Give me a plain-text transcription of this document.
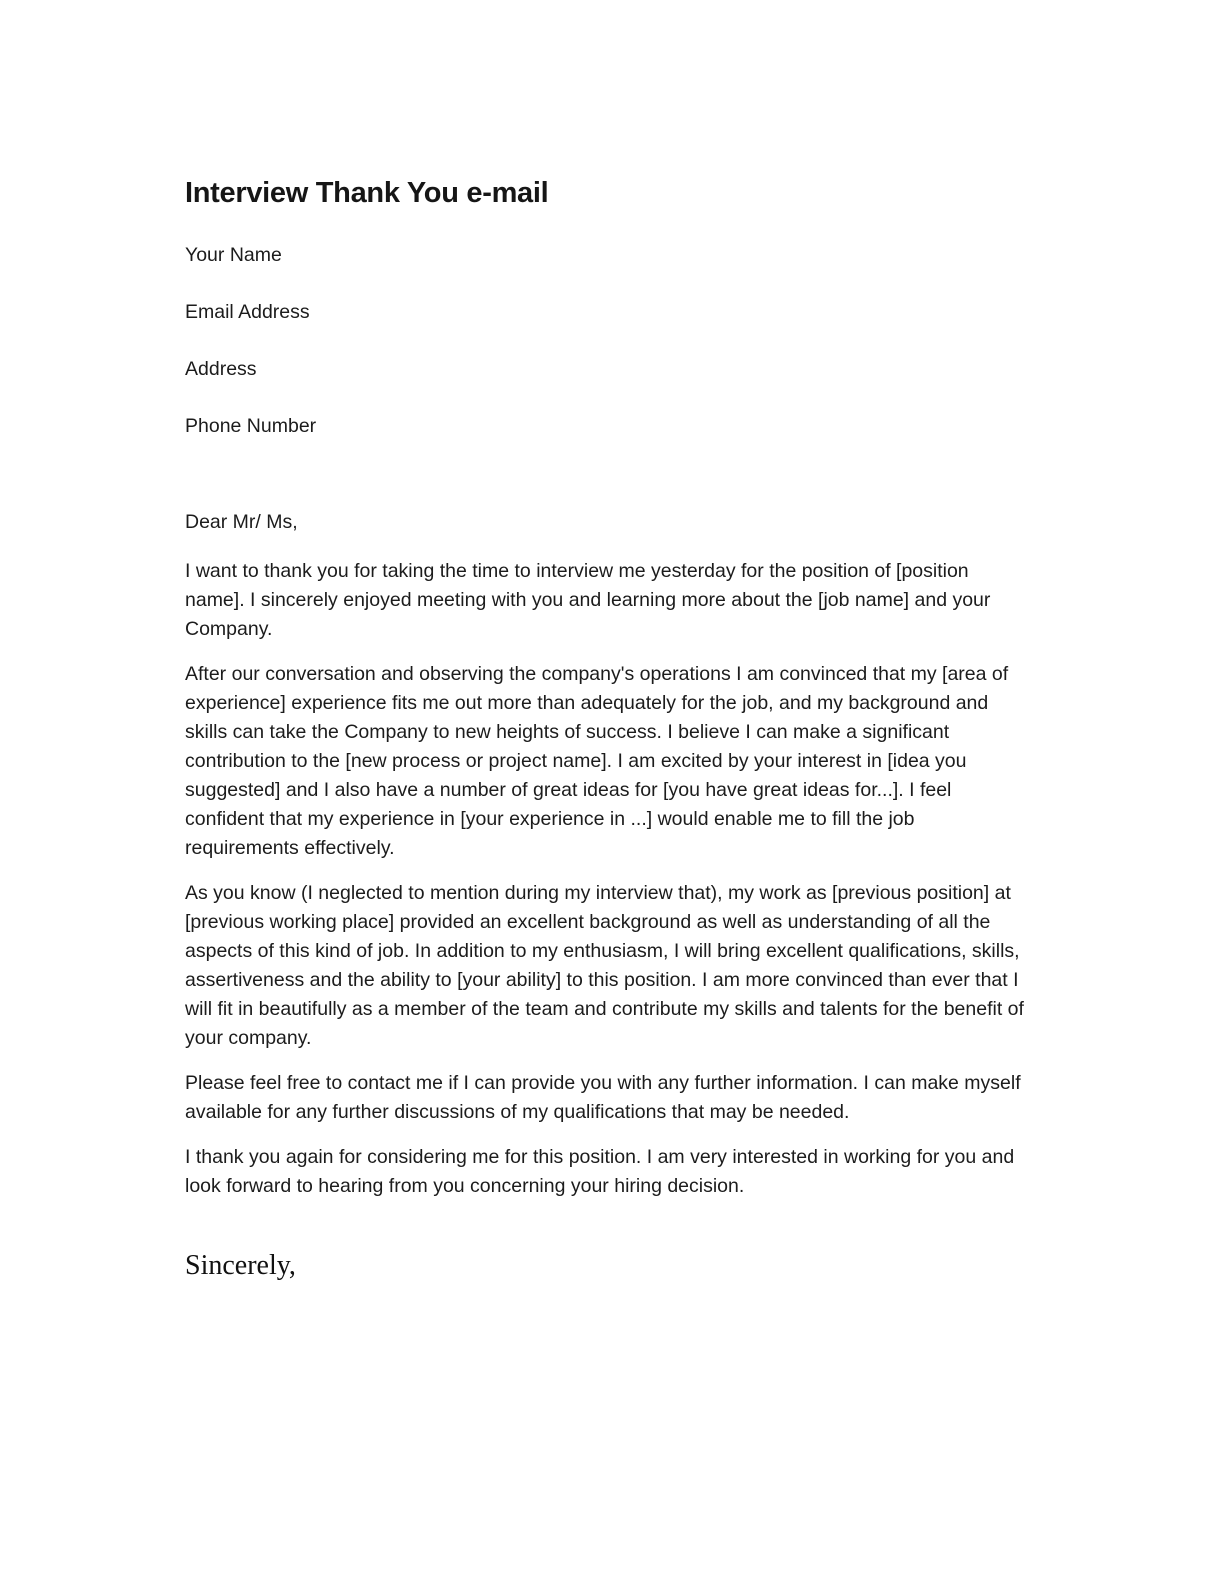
Interview Thank You e-mail

Your Name

Email Address

Address

Phone Number

Dear Mr/ Ms,

I want to thank you for taking the time to interview me yesterday for the position of [position name]. I sincerely enjoyed meeting with you and learning more about the [job name] and your Company.

After our conversation and observing the company's operations I am convinced that my [area of experience] experience fits me out more than adequately for the job, and my background and skills can take the Company to new heights of success. I believe I can make a significant contribution to the [new process or project name]. I am excited by your interest in [idea you suggested] and I also have a number of great ideas for [you have great ideas for...]. I feel confident that my experience in [your experience in ...] would enable me to fill the job requirements effectively.

As you know (I neglected to mention during my interview that), my work as [previous position] at [previous working place] provided an excellent background as well as understanding of all the aspects of this kind of job. In addition to my enthusiasm, I will bring excellent qualifications, skills, assertiveness and the ability to [your ability] to this position. I am more convinced than ever that I will fit in beautifully as a member of the team and contribute my skills and talents for the benefit of your company.

Please feel free to contact me if I can provide you with any further information. I can make myself available for any further discussions of my qualifications that may be needed.

I thank you again for considering me for this position. I am very interested in working for you and look forward to hearing from you concerning your hiring decision.

Sincerely,
